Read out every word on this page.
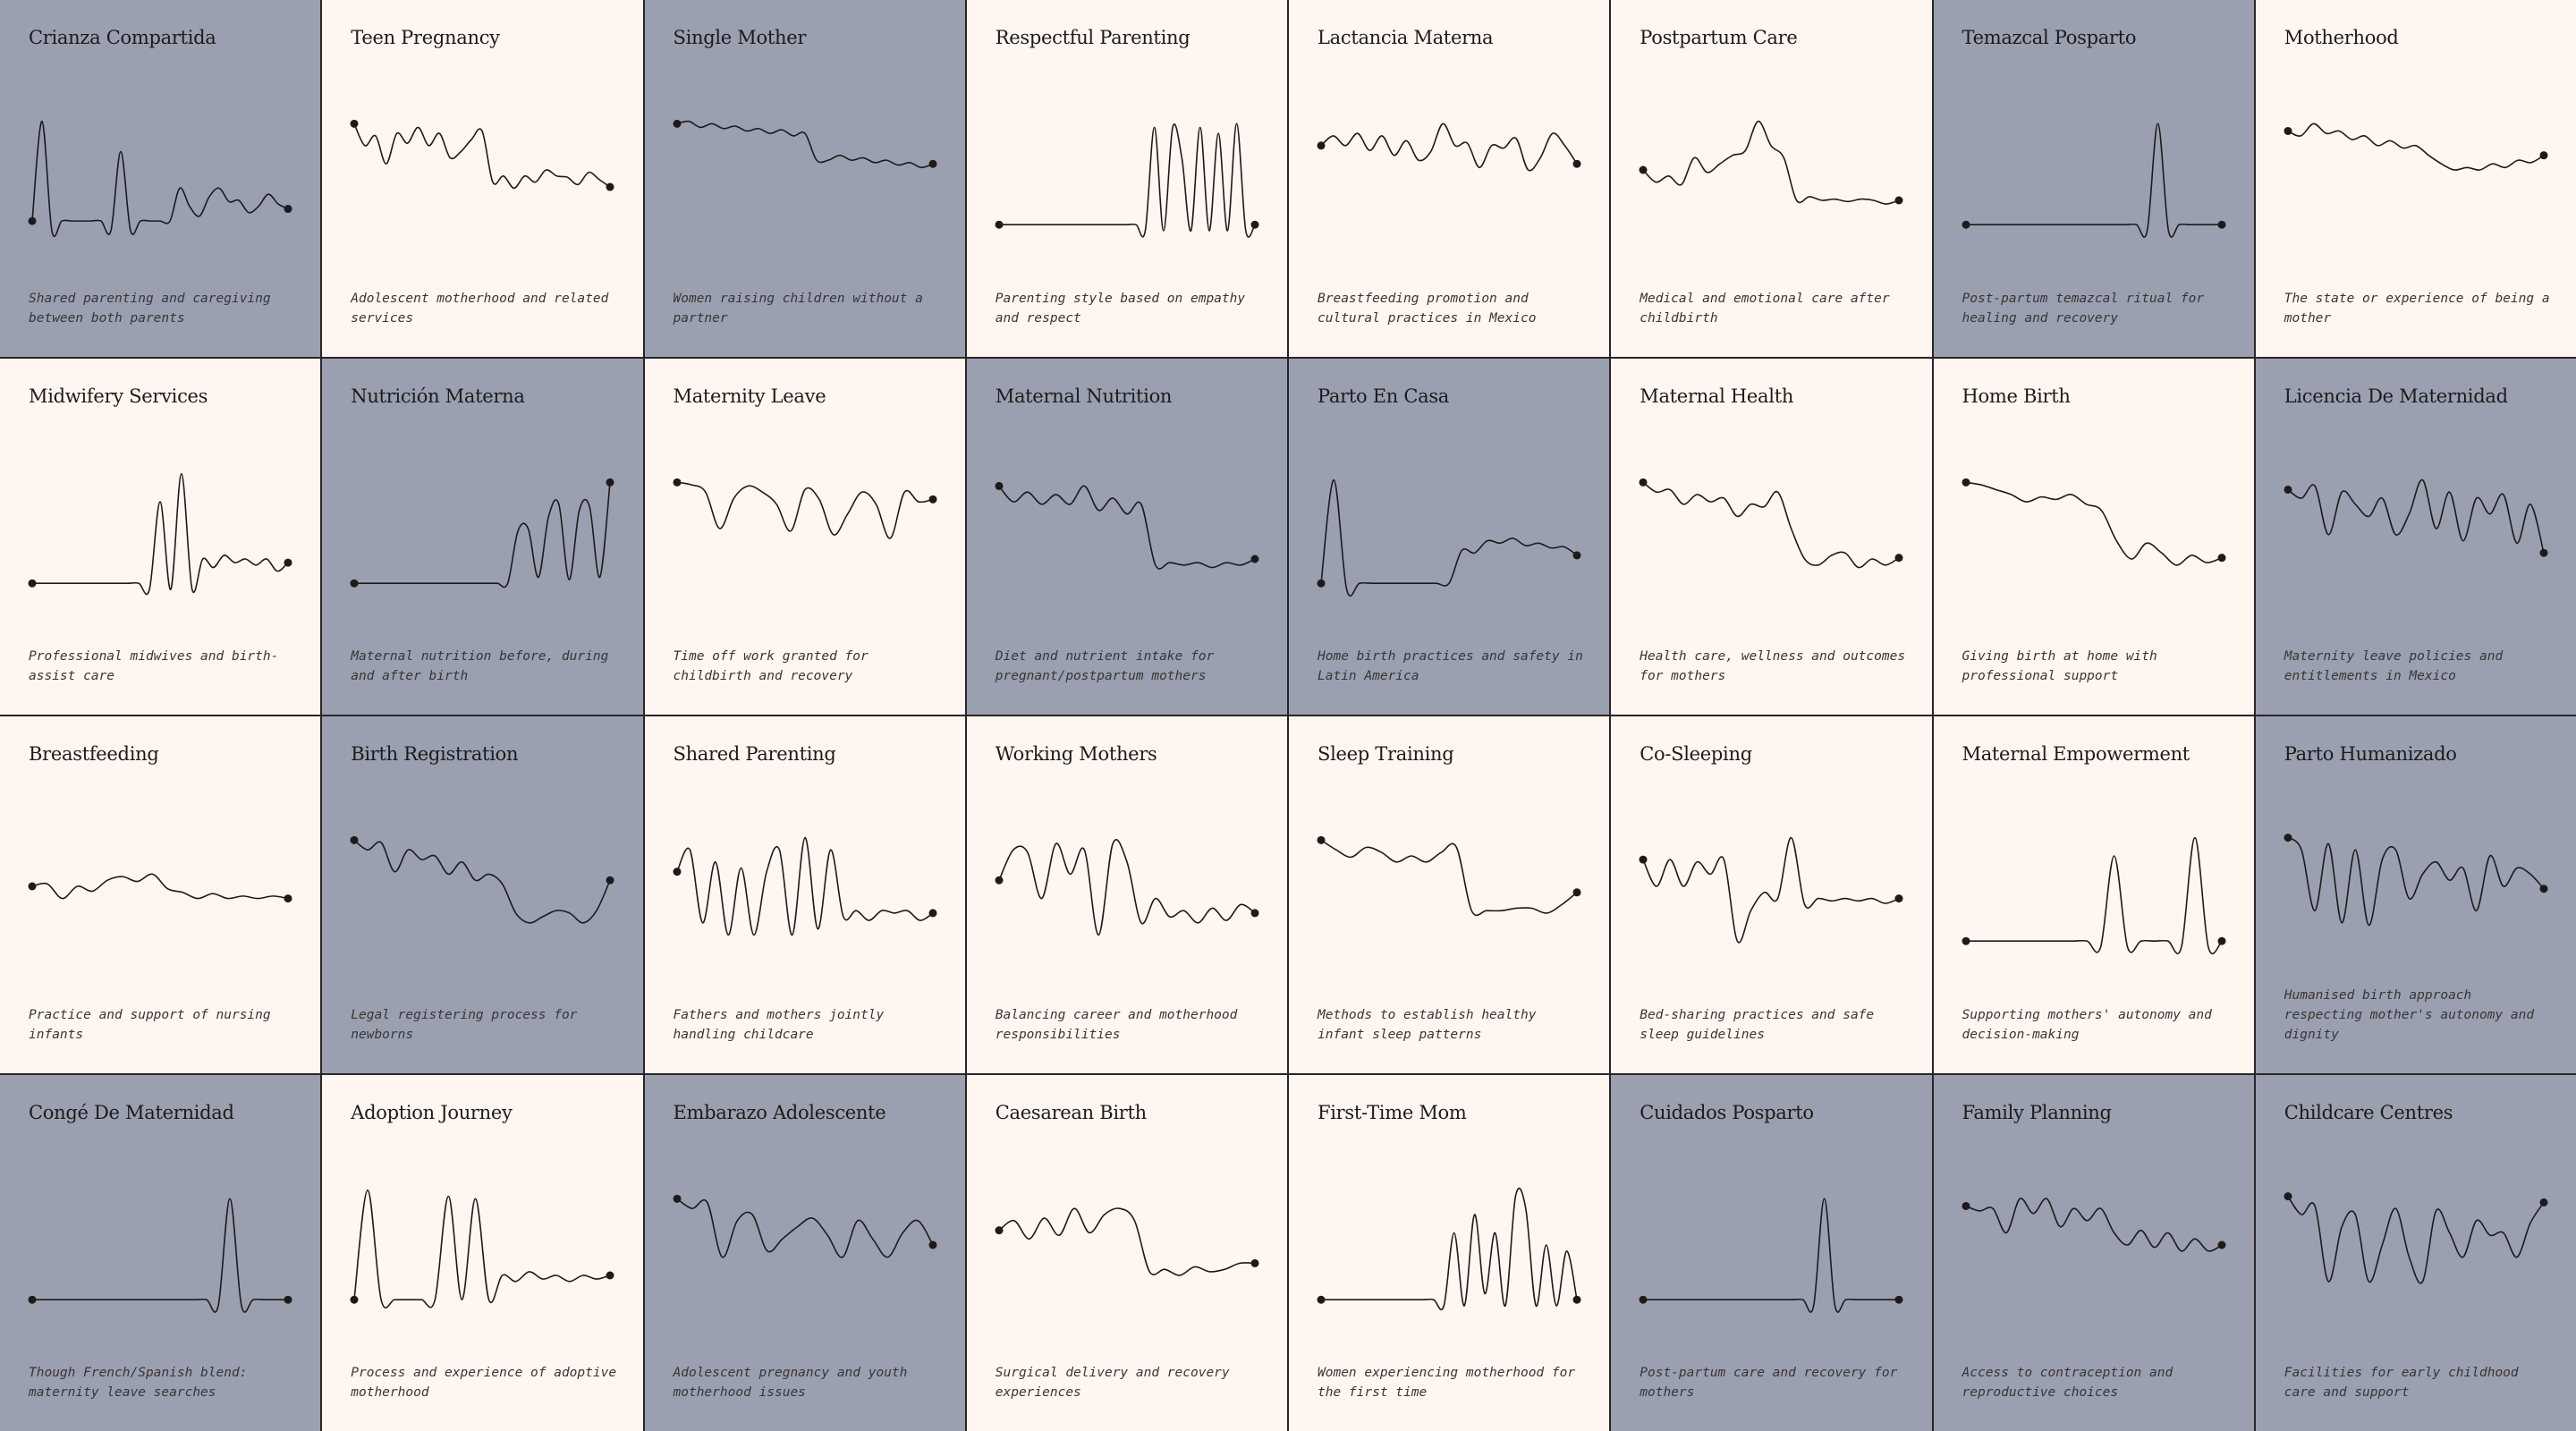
Crianza Compartida
Shared parenting and caregiving between both parents
Teen Pregnancy
Adolescent motherhood and related services
Single Mother
Women raising children without a partner
Respectful Parenting
Parenting style based on empathy and respect
Lactancia Materna
Breastfeeding promotion and cultural practices in Mexico
Postpartum Care
Medical and emotional care after childbirth
Temazcal Posparto
Post-partum temazcal ritual for healing and recovery
Motherhood
The state or experience of being a mother
Midwifery Services
Professional midwives and birth-assist care
Nutrición Materna
Maternal nutrition before, during and after birth
Maternity Leave
Time off work granted for childbirth and recovery
Maternal Nutrition
Diet and nutrient intake for pregnant/postpartum mothers
Parto En Casa
Home birth practices and safety in Latin America
Maternal Health
Health care, wellness and outcomes for mothers
Home Birth
Giving birth at home with professional support
Licencia De Maternidad
Maternity leave policies and entitlements in Mexico
Breastfeeding
Practice and support of nursing infants
Birth Registration
Legal registering process for newborns
Shared Parenting
Fathers and mothers jointly handling childcare
Working Mothers
Balancing career and motherhood responsibilities
Sleep Training
Methods to establish healthy infant sleep patterns
Co-Sleeping
Bed-sharing practices and safe sleep guidelines
Maternal Empowerment
Supporting mothers' autonomy and decision-making
Parto Humanizado
Humanised birth approach respecting mother's autonomy and dignity
Congé De Maternidad
Though French/Spanish blend: maternity leave searches
Adoption Journey
Process and experience of adoptive motherhood
Embarazo Adolescente
Adolescent pregnancy and youth motherhood issues
Caesarean Birth
Surgical delivery and recovery experiences
First-Time Mom
Women experiencing motherhood for the first time
Cuidados Posparto
Post-partum care and recovery for mothers
Family Planning
Access to contraception and reproductive choices
Childcare Centres
Facilities for early childhood care and support
